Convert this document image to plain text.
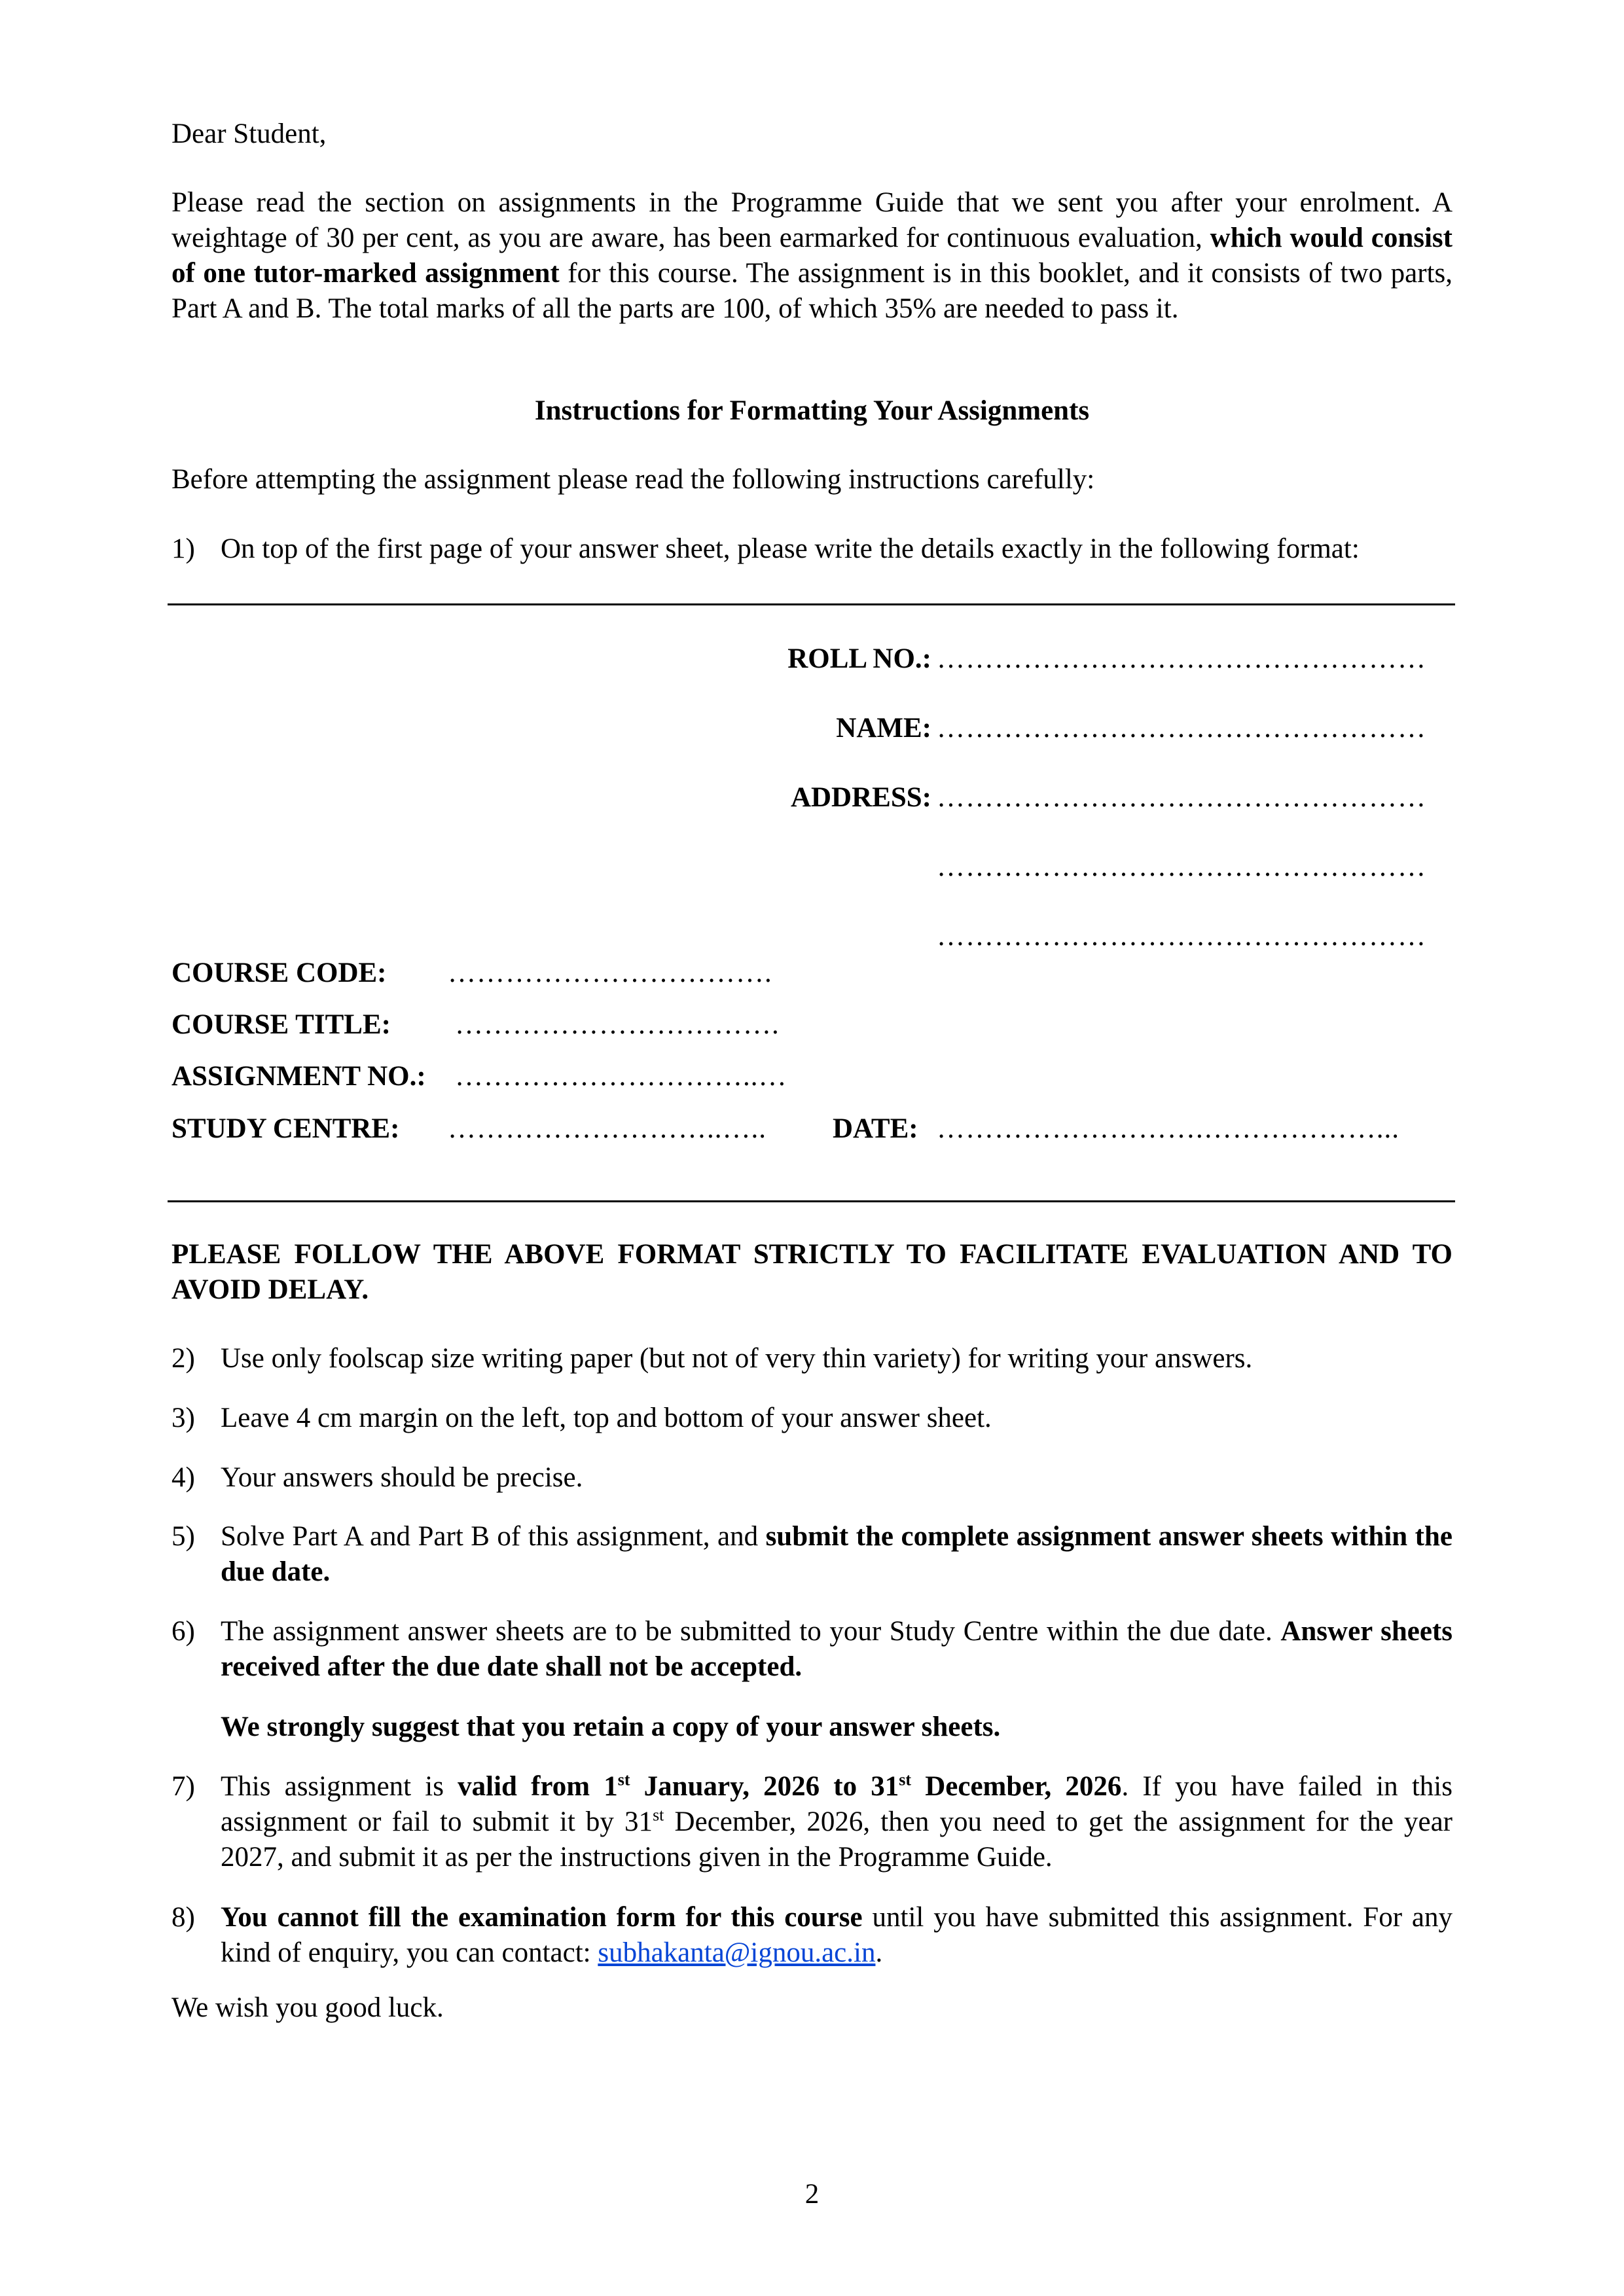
Dear Student,

Please read the section on assignments in the Programme Guide that we sent you after your enrolment. A weightage of 30 per cent, as you are aware, has been earmarked for continuous evaluation, which would consist of one tutor-marked assignment for this course. The assignment is in this booklet, and it consists of two parts, Part A and B. The total marks of all the parts are 100, of which 35% are needed to pass it.

Instructions for Formatting Your Assignments

Before attempting the assignment please read the following instructions carefully:

1) On top of the first page of your answer sheet, please write the details exactly in the following format:

ROLL NO.: ……………………………………………
NAME: ……………………………………………
ADDRESS: ……………………………………………
……………………………………………
……………………………………………
COURSE CODE: …………………………….
COURSE TITLE: …………………………….
ASSIGNMENT NO.: …………………………..…
STUDY CENTRE: ………………………..….. DATE: ……………………….………………...

PLEASE FOLLOW THE ABOVE FORMAT STRICTLY TO FACILITATE EVALUATION AND TO AVOID DELAY.

2) Use only foolscap size writing paper (but not of very thin variety) for writing your answers.

3) Leave 4 cm margin on the left, top and bottom of your answer sheet.

4) Your answers should be precise.

5) Solve Part A and Part B of this assignment, and submit the complete assignment answer sheets within the due date.

6) The assignment answer sheets are to be submitted to your Study Centre within the due date. Answer sheets received after the due date shall not be accepted.

We strongly suggest that you retain a copy of your answer sheets.

7) This assignment is valid from 1st January, 2026 to 31st December, 2026. If you have failed in this assignment or fail to submit it by 31st December, 2026, then you need to get the assignment for the year 2027, and submit it as per the instructions given in the Programme Guide.

8) You cannot fill the examination form for this course until you have submitted this assignment. For any kind of enquiry, you can contact: subhakanta@ignou.ac.in.

We wish you good luck.

2
